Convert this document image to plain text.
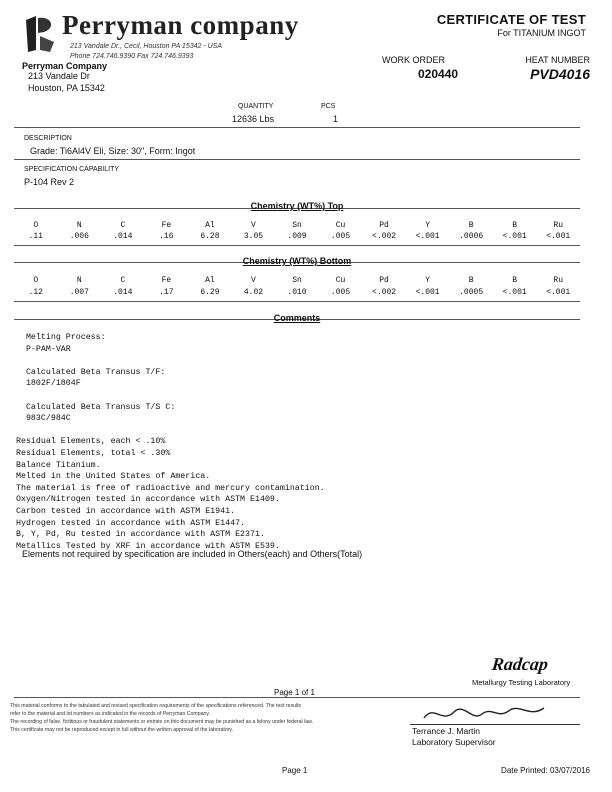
Perryman company
213 Vandale Dr., Cecil, Houston PA 15342 - USA
Phone 724.746.9390 Fax 724.746.9393
Perryman Company
213 Vandale Dr
Houston, PA 15342
CERTIFICATE OF TEST
For TITANIUM INGOT
WORK ORDER
020440
HEAT NUMBER
PVD4016
QUANTITY	PCS
12636 Lbs	1
DESCRIPTION
Grade: Ti6Al4V Eli, Size: 30", Form: Ingot
SPECIFICATION CAPABILITY
P-104 Rev 2
Chemistry (WT%) Top
O	N	C	Fe	Al	V	Sn	Cu	Pd	Y	B	B	Ru
.11	.006	.014	.16	6.28	3.05	.009	.005	<.002	<.001	.0006	<.001	<.001
Chemistry (WT%) Bottom
O	N	C	Fe	Al	V	Sn	Cu	Pd	Y	B	B	Ru
.12	.007	.014	.17	6.29	4.02	.010	.005	<.002	<.001	.0005	<.001	<.001
Comments
Melting Process:
P-PAM-VAR
Calculated Beta Transus T/F:
1802F/1804F
Calculated Beta Transus T/S C:
983C/984C
Residual Elements, each < .10%
Residual Elements, total < .30%
Balance Titanium.
Melted in the United States of America.
The material is free of radioactive and mercury contamination.
Oxygen/Nitrogen tested in accordance with ASTM E1409.
Carbon tested in accordance with ASTM E1941.
Hydrogen tested in accordance with ASTM E1447.
B, Y, Pd, Ru tested in accordance with ASTM E2371.
Metallics Tested by XRF in accordance with ASTM E539.
Elements not required by specification are included in Others(each) and Others(Total)
Radcap
Metallurgy Testing Laboratory
Page 1 of 1
This material conforms to the tabulated and revised specification requirements of the specifications referenced. The test results
refer to the material and lot numbers as indicated in the records of Perryman Company.
The recording of false, fictitious or fraudulent statements or entries on this document may be punished as a felony under federal law.
This certificate may not be reproduced except in full without the written approval of the laboratory.	Terrance J. Martin
Laboratory Supervisor
Page 1	Date Printed: 03/07/2016
